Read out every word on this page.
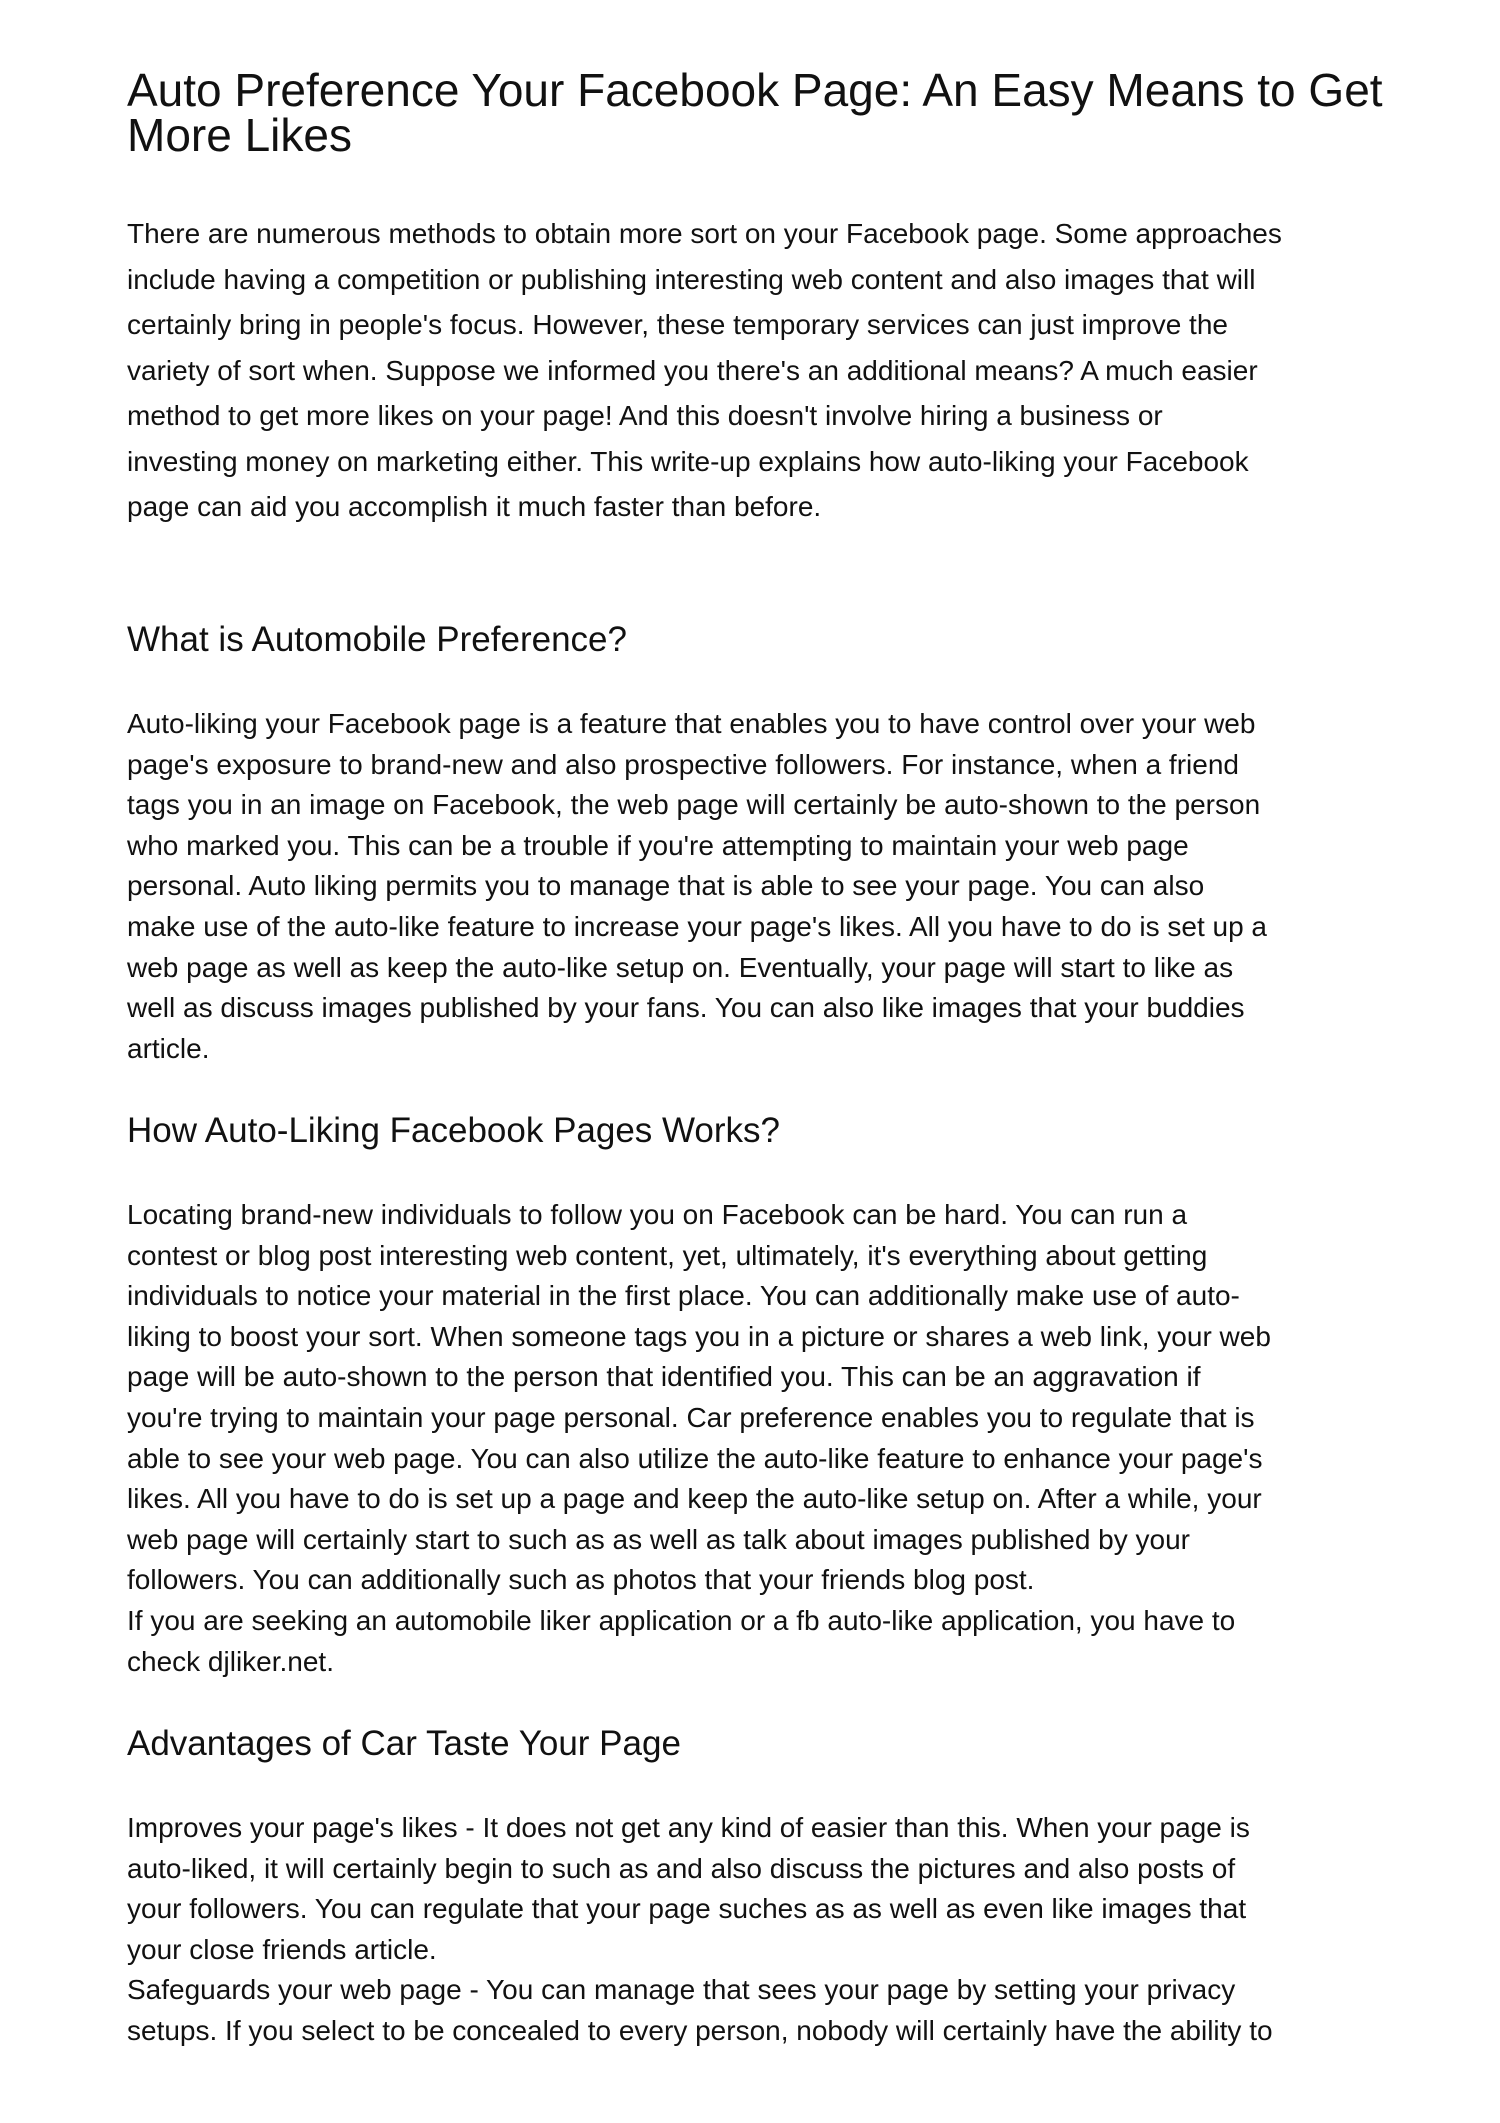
Auto Preference Your Facebook Page: An Easy Means to Get
More Likes
There are numerous methods to obtain more sort on your Facebook page. Some approaches
include having a competition or publishing interesting web content and also images that will
certainly bring in people's focus. However, these temporary services can just improve the
variety of sort when. Suppose we informed you there's an additional means? A much easier
method to get more likes on your page! And this doesn't involve hiring a business or
investing money on marketing either. This write-up explains how auto-liking your Facebook
page can aid you accomplish it much faster than before.
What is Automobile Preference?
Auto-liking your Facebook page is a feature that enables you to have control over your web
page's exposure to brand-new and also prospective followers. For instance, when a friend
tags you in an image on Facebook, the web page will certainly be auto-shown to the person
who marked you. This can be a trouble if you're attempting to maintain your web page
personal. Auto liking permits you to manage that is able to see your page. You can also
make use of the auto-like feature to increase your page's likes. All you have to do is set up a
web page as well as keep the auto-like setup on. Eventually, your page will start to like as
well as discuss images published by your fans. You can also like images that your buddies
article.
How Auto-Liking Facebook Pages Works?
Locating brand-new individuals to follow you on Facebook can be hard. You can run a
contest or blog post interesting web content, yet, ultimately, it's everything about getting
individuals to notice your material in the first place. You can additionally make use of auto-
liking to boost your sort. When someone tags you in a picture or shares a web link, your web
page will be auto-shown to the person that identified you. This can be an aggravation if
you're trying to maintain your page personal. Car preference enables you to regulate that is
able to see your web page. You can also utilize the auto-like feature to enhance your page's
likes. All you have to do is set up a page and keep the auto-like setup on. After a while, your
web page will certainly start to such as as well as talk about images published by your
followers. You can additionally such as photos that your friends blog post.
If you are seeking an automobile liker application or a fb auto-like application, you have to
check djliker.net.
Advantages of Car Taste Your Page
Improves your page's likes - It does not get any kind of easier than this. When your page is
auto-liked, it will certainly begin to such as and also discuss the pictures and also posts of
your followers. You can regulate that your page suches as as well as even like images that
your close friends article.
Safeguards your web page - You can manage that sees your page by setting your privacy
setups. If you select to be concealed to every person, nobody will certainly have the ability to
